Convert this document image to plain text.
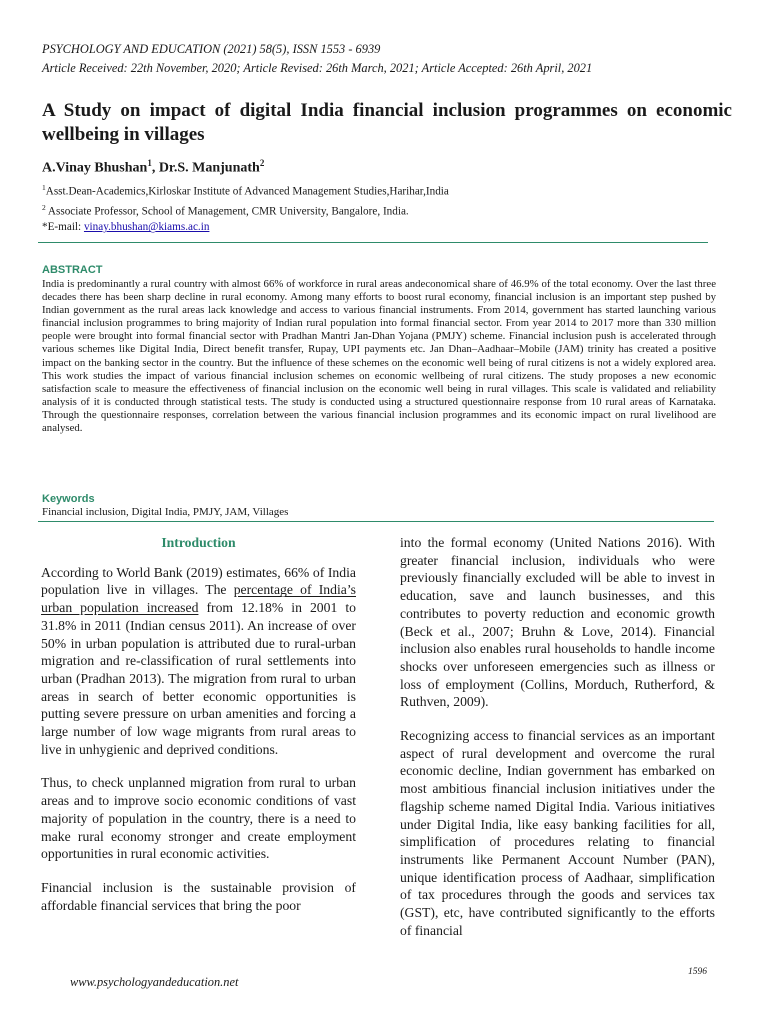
PSYCHOLOGY AND EDUCATION (2021) 58(5), ISSN 1553 - 6939
Article Received: 22th November, 2020; Article Revised: 26th March, 2021; Article Accepted: 26th April, 2021
A Study on impact of digital India financial inclusion programmes on economic wellbeing in villages
A.Vinay Bhushan$^1$, Dr.S. Manjunath$^2$
$^1$Asst.Dean-Academics,Kirloskar Institute of Advanced Management Studies,Harihar,India
$^2$ Associate Professor, School of Management, CMR University, Bangalore, India.
*E-mail: vinay.bhushan@kiams.ac.in
ABSTRACT
India is predominantly a rural country with almost 66% of workforce in rural areas andeconomical share of 46.9% of the total economy. Over the last three decades there has been sharp decline in rural economy. Among many efforts to boost rural economy, financial inclusion is an important step pushed by Indian government as the rural areas lack knowledge and access to various financial instruments. From 2014, government has started launching various financial inclusion programmes to bring majority of Indian rural population into formal financial sector. From year 2014 to 2017 more than 330 million people were brought into formal financial sector with Pradhan Mantri Jan-Dhan Yojana (PMJY) scheme. Financial inclusion push is accelerated through various schemes like Digital India, Direct benefit transfer, Rupay, UPI payments etc. Jan Dhan–Aadhaar–Mobile (JAM) trinity has created a positive impact on the banking sector in the country. But the influence of these schemes on the economic well being of rural citizens is not a widely explored area. This work studies the impact of various financial inclusion schemes on economic wellbeing of rural citizens. The study proposes a new economic satisfaction scale to measure the effectiveness of financial inclusion on the economic well being in rural villages. This scale is validated and reliability analysis of it is conducted through statistical tests. The study is conducted using a structured questionnaire response from 10 rural areas of Karnataka. Through the questionnaire responses, correlation between the various financial inclusion programmes and its economic impact on rural livelihood are analysed.
Keywords
Financial inclusion, Digital India, PMJY, JAM, Villages
Introduction

According to World Bank (2019) estimates, 66% of India population live in villages. The percentage of India’s urban population increased from 12.18% in 2001 to 31.8% in 2011 (Indian census 2011). An increase of over 50% in urban population is attributed due to rural-urban migration and re-classification of rural settlements into urban (Pradhan 2013). The migration from rural to urban areas in search of better economic opportunities is putting severe pressure on urban amenities and forcing a large number of low wage migrants from rural areas to live in unhygienic and deprived conditions.

Thus, to check unplanned migration from rural to urban areas and to improve socio economic conditions of vast majority of population in the country, there is a need to make rural economy stronger and create employment opportunities in rural economic activities.

Financial inclusion is the sustainable provision of affordable financial services that bring the poor

into the formal economy (United Nations 2016). With greater financial inclusion, individuals who were previously financially excluded will be able to invest in education, save and launch businesses, and this contributes to poverty reduction and economic growth (Beck et al., 2007; Bruhn & Love, 2014). Financial inclusion also enables rural households to handle income shocks over unforeseen emergencies such as illness or loss of employment (Collins, Morduch, Rutherford, & Ruthven, 2009).

Recognizing access to financial services as an important aspect of rural development and overcome the rural economic decline, Indian government has embarked on most ambitious financial inclusion initiatives under the flagship scheme named Digital India. Various initiatives under Digital India, like easy banking facilities for all, simplification of procedures relating to financial instruments like Permanent Account Number (PAN), unique identification process of Aadhaar, simplification of tax procedures through the goods and services tax (GST), etc, have contributed significantly to the efforts of financial

www.psychologyandeducation.net
1596
